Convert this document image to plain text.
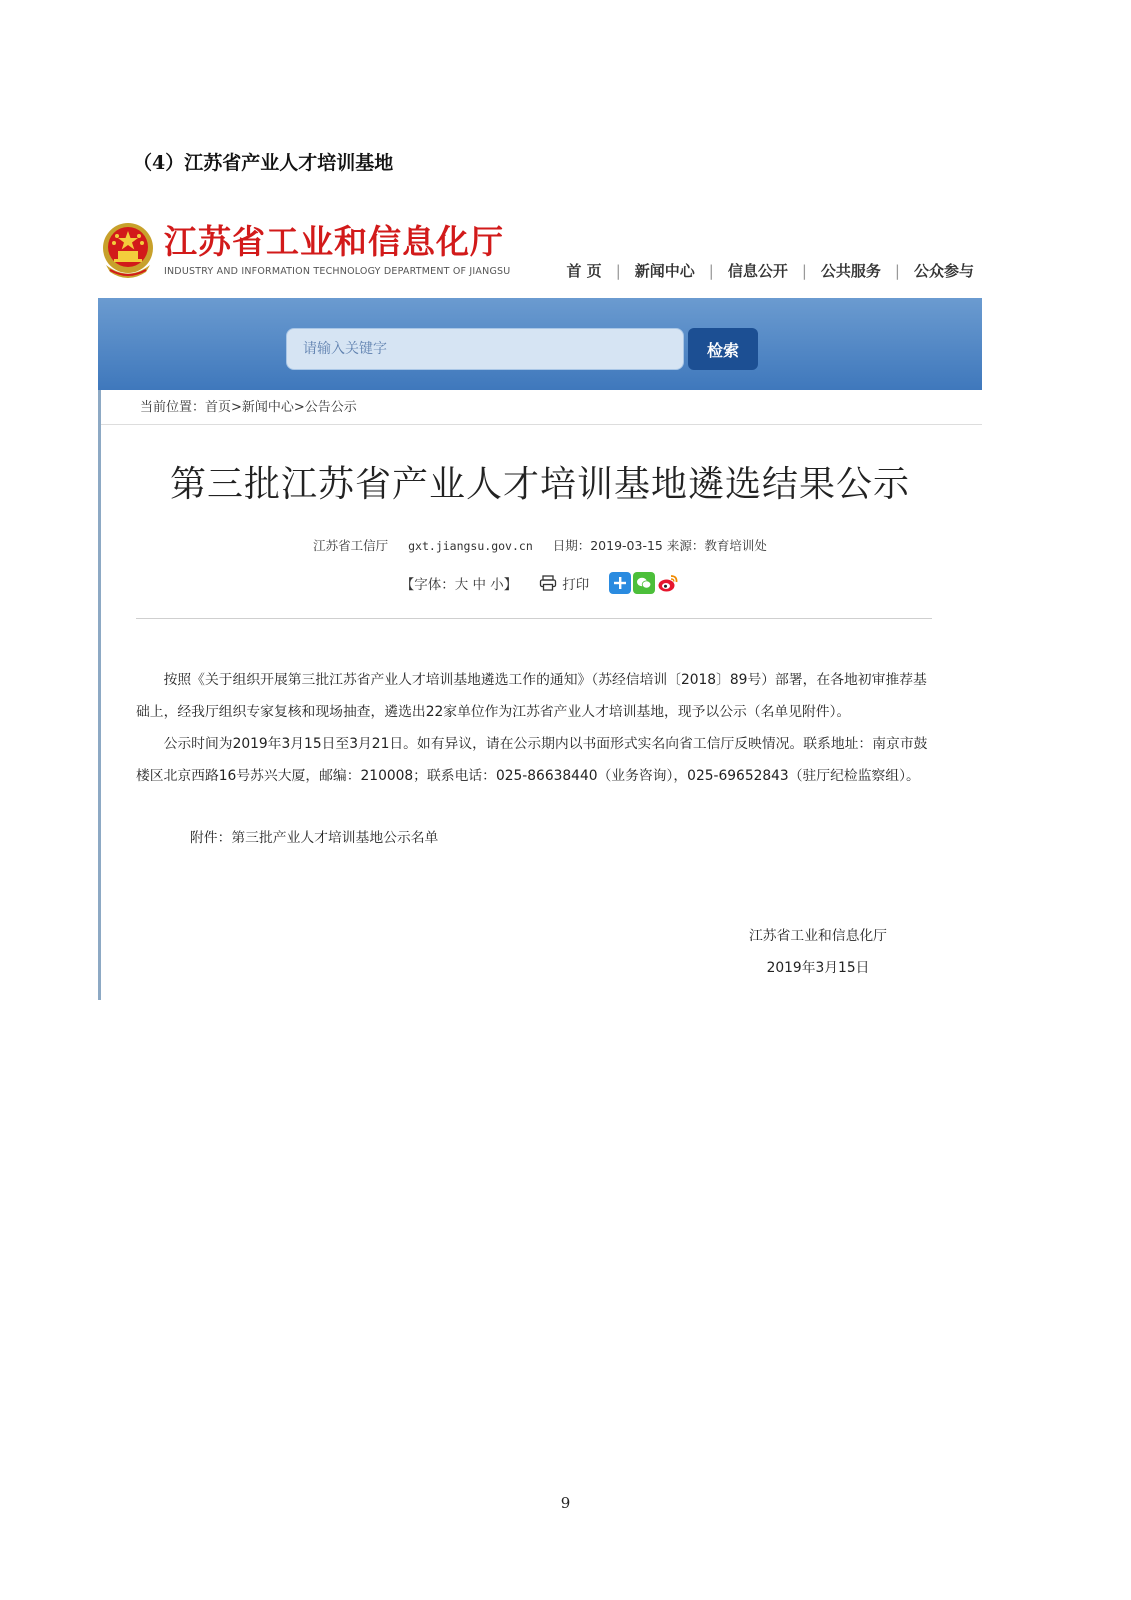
（4）江苏省产业人才培训基地
江苏省工业和信息化厅
INDUSTRY AND INFORMATION TECHNOLOGY DEPARTMENT OF JIANGSU	首 页 | 新闻中心 | 信息公开 | 公共服务 | 公众参与
请输入关键字
检索
当前位置：首页>新闻中心>公告公示
第三批江苏省产业人才培训基地遴选结果公示
江苏省工信厅 gxt.jiangsu.gov.cn 日期：2019-03-15 来源：教育培训处
【字体：大 中 小】	打印

按照《关于组织开展第三批江苏省产业人才培训基地遴选工作的通知》（苏经信培训〔2018〕89号）部署，在各地初审推荐基础上，经我厅组织专家复核和现场抽查，遴选出22家单位作为江苏省产业人才培训基地，现予以公示（名单见附件）。

公示时间为2019年3月15日至3月21日。如有异议，请在公示期内以书面形式实名向省工信厅反映情况。联系地址：南京市鼓楼区北京西路16号苏兴大厦，邮编：210008；联系电话：025-86638440（业务咨询），025-69652843（驻厅纪检监察组）。

附件：第三批产业人才培训基地公示名单
江苏省工业和信息化厅
2019年3月15日
9
